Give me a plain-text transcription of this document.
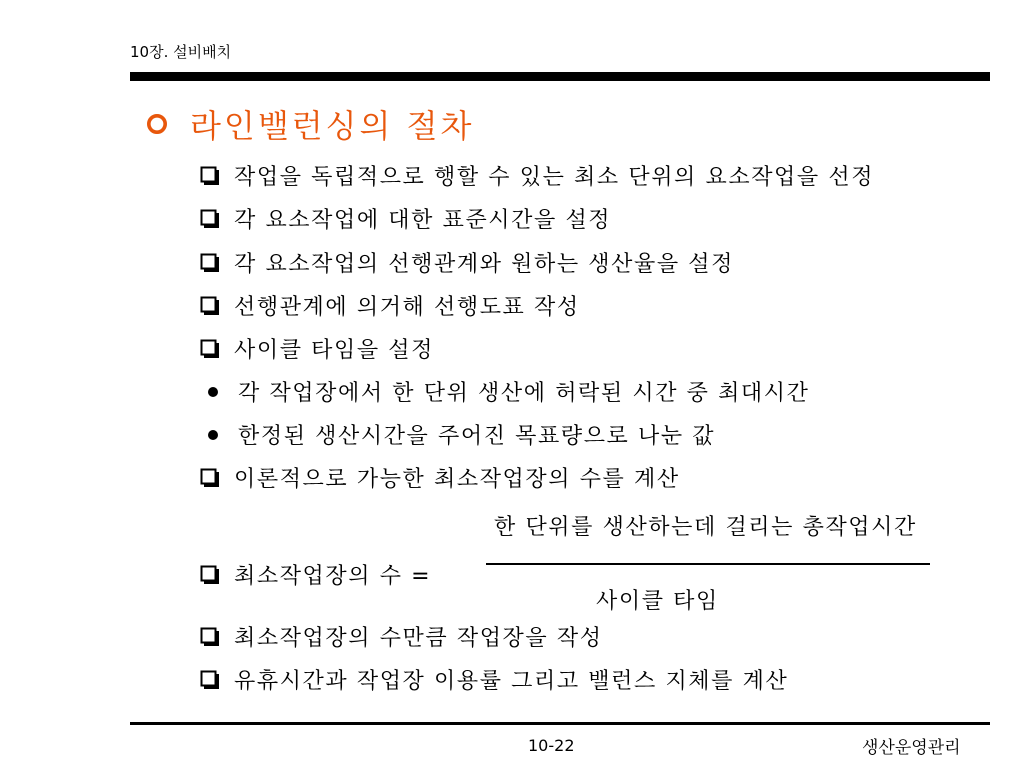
10장. 설비배치
라인밸런싱의 절차
작업을 독립적으로 행할 수 있는 최소 단위의 요소작업을 선정
각 요소작업에 대한 표준시간을 설정
각 요소작업의 선행관계와 원하는 생산율을 설정
선행관계에 의거해 선행도표 작성
사이클 타임을 설정
각 작업장에서 한 단위 생산에 허락된 시간 중 최대시간
한정된 생산시간을 주어진 목표량으로 나눈 값
이론적으로 가능한 최소작업장의 수를 계산
한 단위를 생산하는데 걸리는 총작업시간
최소작업장의 수 =
사이클 타임
최소작업장의 수만큼 작업장을 작성
유휴시간과 작업장 이용률 그리고 밸런스 지체를 계산
10-22	생산운영관리
